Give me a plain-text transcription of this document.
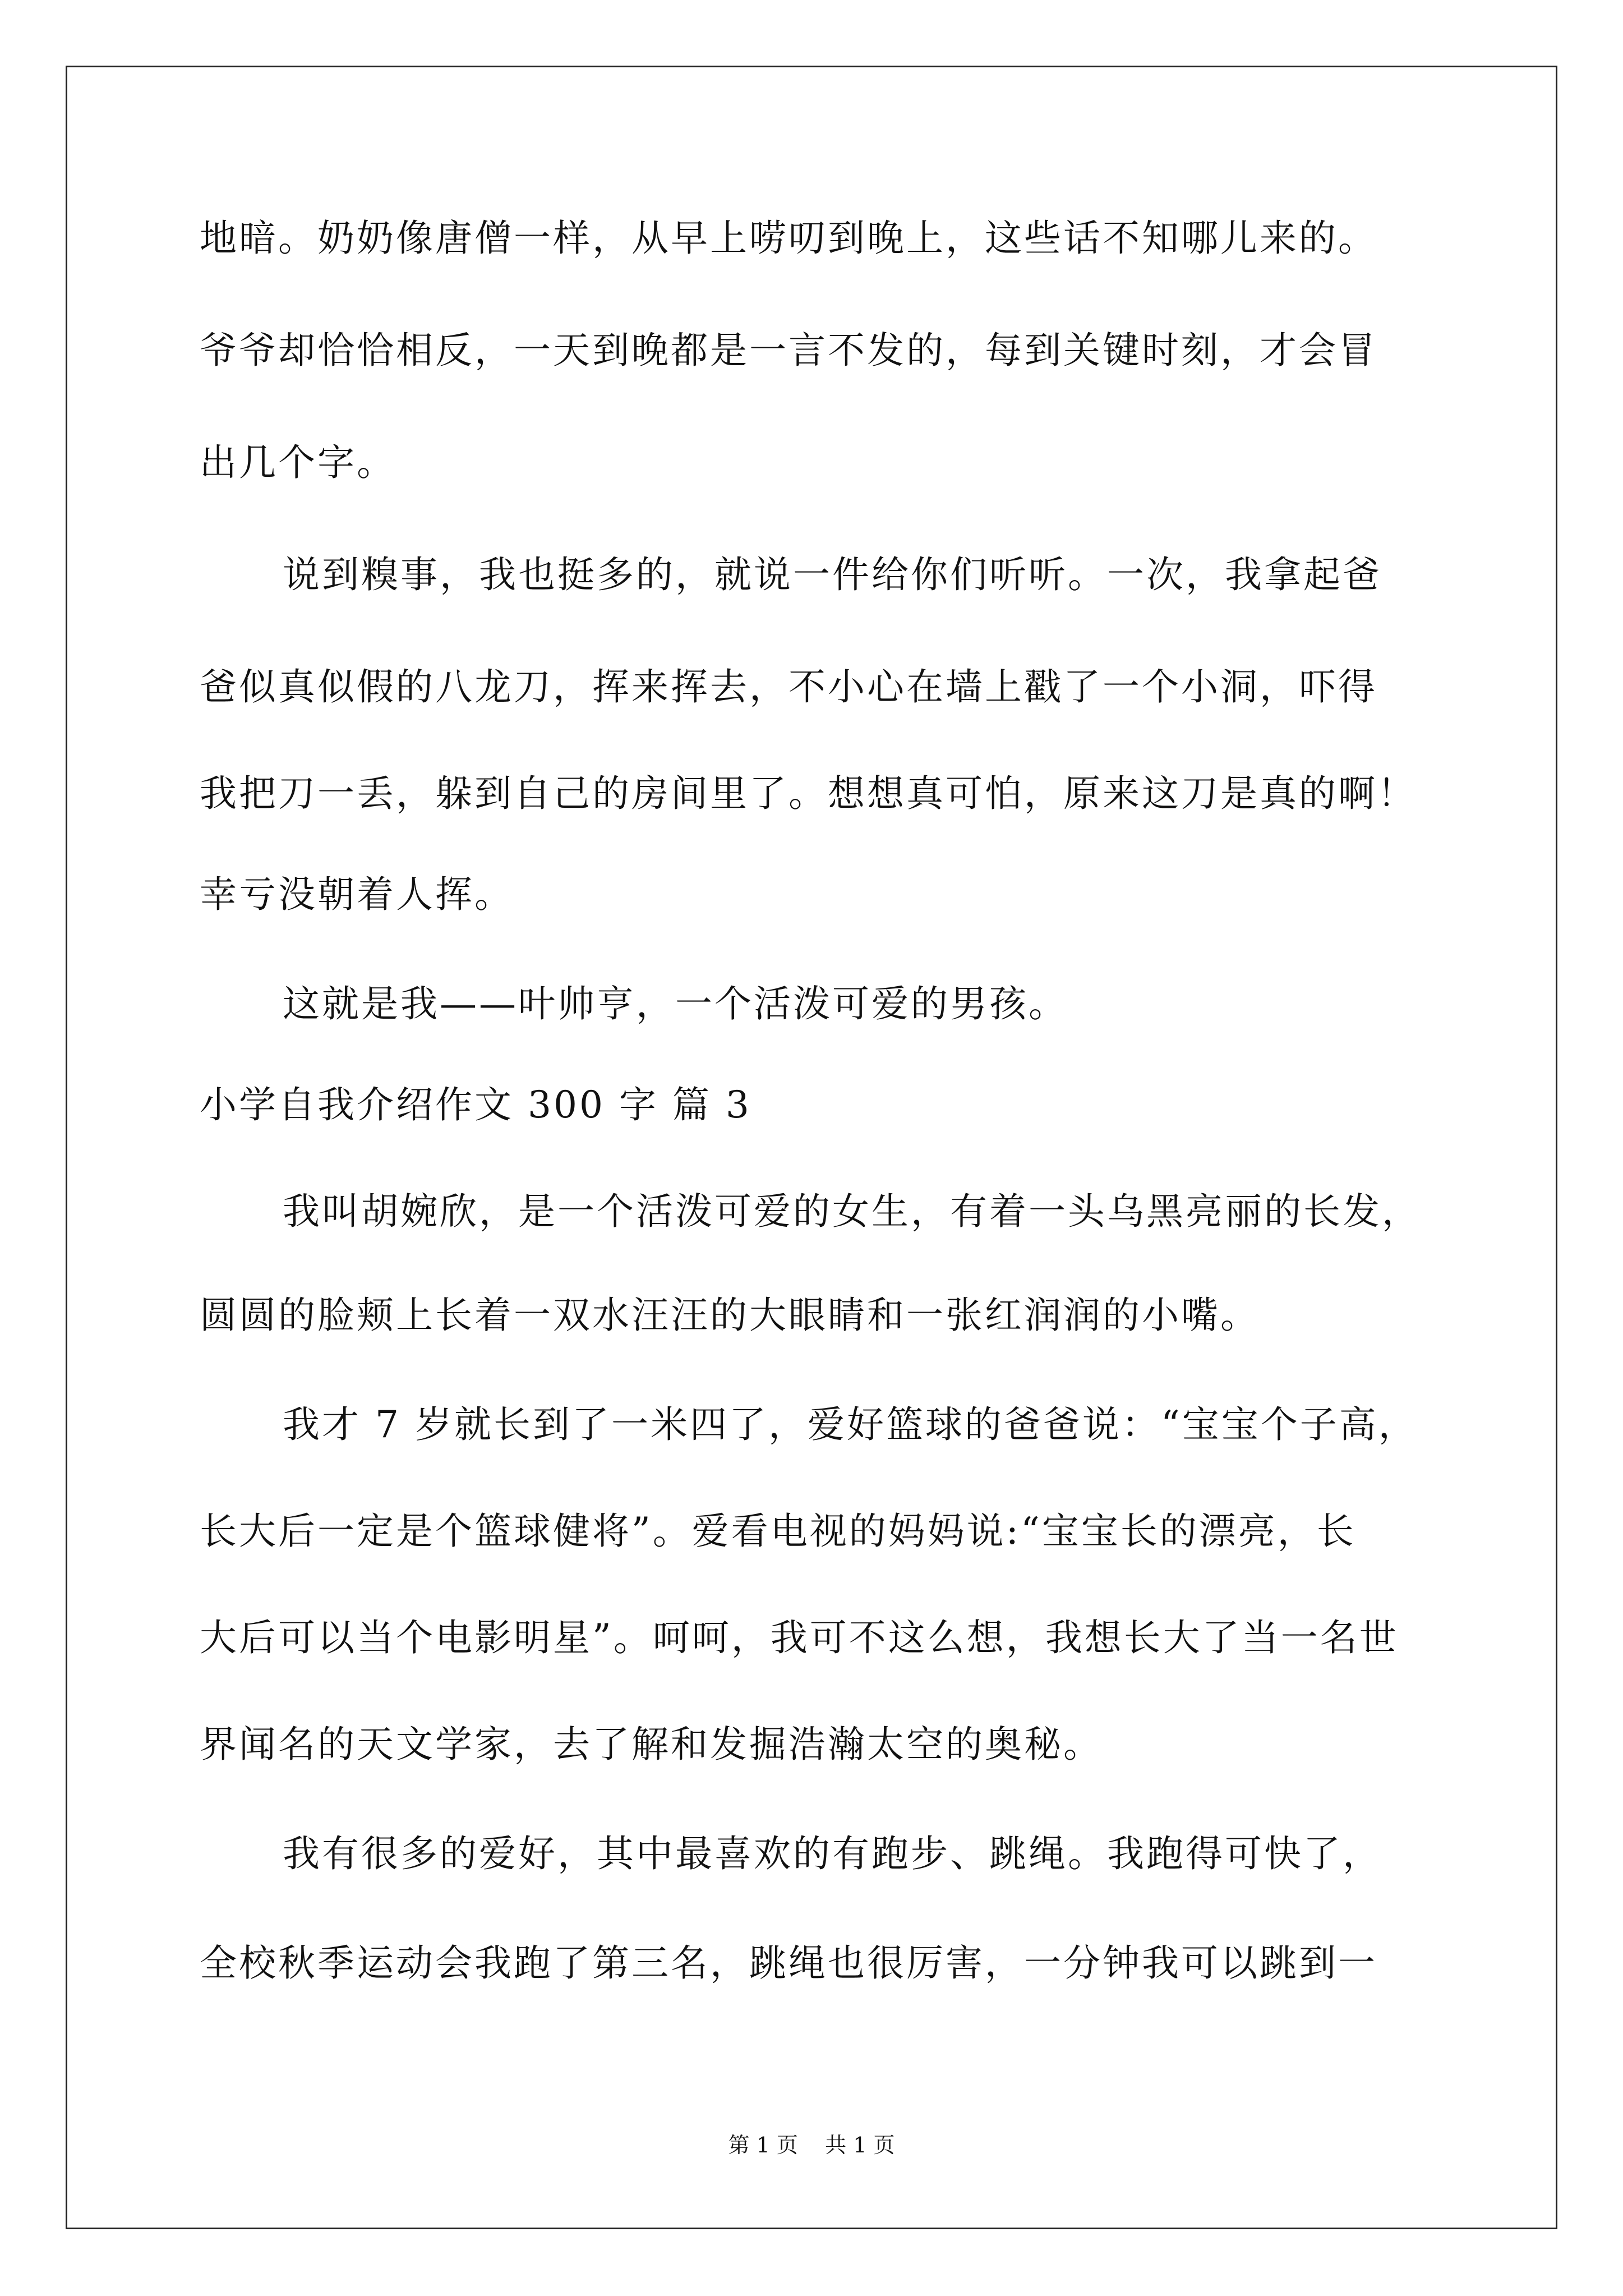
地暗。奶奶像唐僧一样，从早上唠叨到晚上，这些话不知哪儿来的。
爷爷却恰恰相反，一天到晚都是一言不发的，每到关键时刻，才会冒
出几个字。
说到糗事，我也挺多的，就说一件给你们听听。一次，我拿起爸
爸似真似假的八龙刀，挥来挥去，不小心在墙上戳了一个小洞，吓得
我把刀一丢，躲到自己的房间里了。想想真可怕，原来这刀是真的啊！
幸亏没朝着人挥。
这就是我——叶帅亨，一个活泼可爱的男孩。
小学自我介绍作文 300 字 篇 3
我叫胡婉欣，是一个活泼可爱的女生，有着一头乌黑亮丽的长发，
圆圆的脸颊上长着一双水汪汪的大眼睛和一张红润润的小嘴。
我才 7 岁就长到了一米四了，爱好篮球的爸爸说：“宝宝个子高，
长大后一定是个篮球健将”。爱看电视的妈妈说:“宝宝长的漂亮，长
大后可以当个电影明星”。呵呵，我可不这么想，我想长大了当一名世
界闻名的天文学家，去了解和发掘浩瀚太空的奥秘。
我有很多的爱好，其中最喜欢的有跑步、跳绳。我跑得可快了，
全校秋季运动会我跑了第三名，跳绳也很厉害，一分钟我可以跳到一
第 1 页    共 1 页
